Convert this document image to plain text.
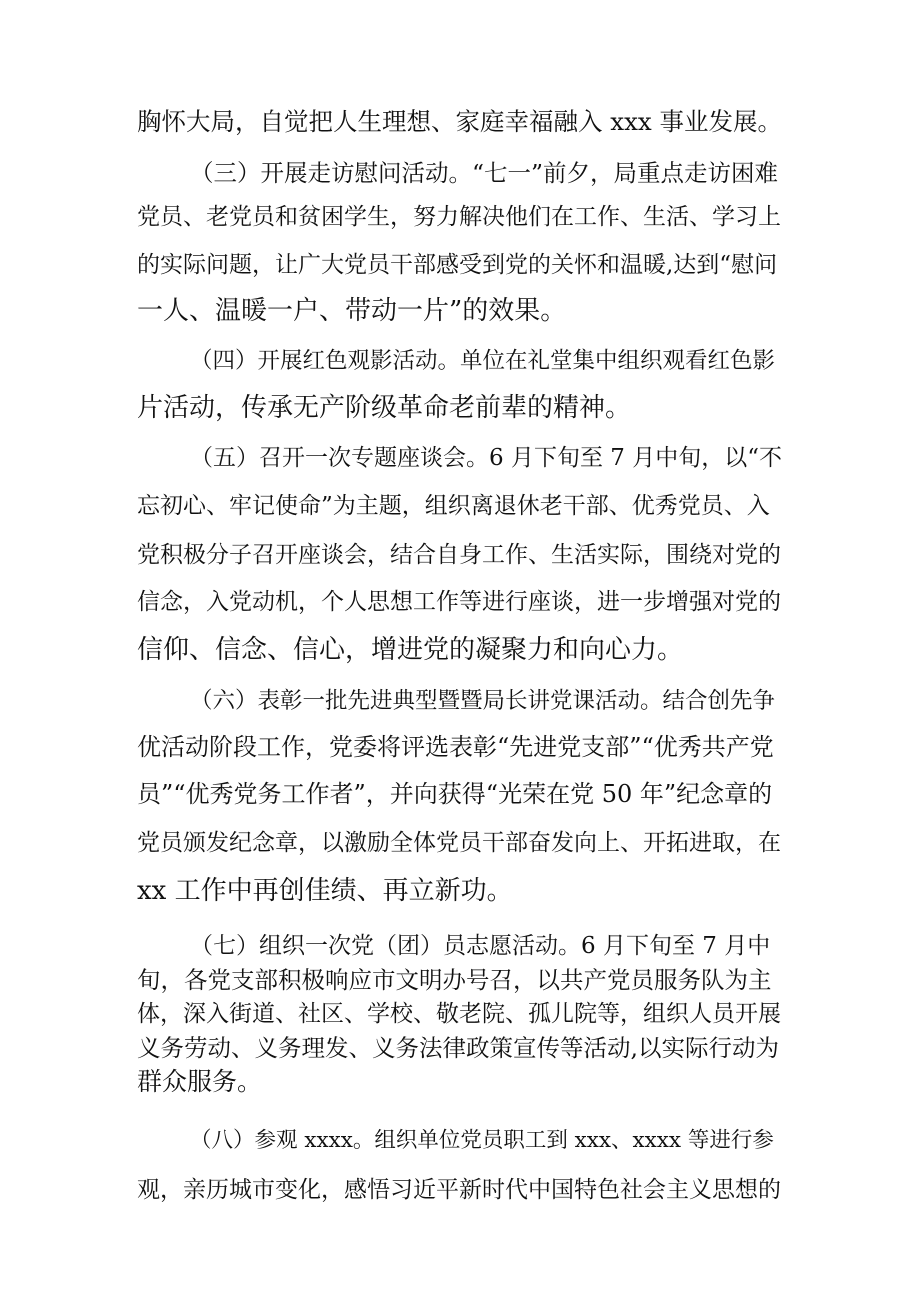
胸怀大局，自觉把人生理想、家庭幸福融入 xxx 事业发展。
（三）开展走访慰问活动。“七一”前夕，局重点走访困难
党员、老党员和贫困学生，努力解决他们在工作、生活、学习上
的实际问题，让广大党员干部感受到党的关怀和温暖,达到“慰问
一人、温暖一户、带动一片”的效果。
（四）开展红色观影活动。单位在礼堂集中组织观看红色影
片活动，传承无产阶级革命老前辈的精神。
（五）召开一次专题座谈会。6 月下旬至 7 月中旬，以“不
忘初心、牢记使命”为主题，组织离退休老干部、优秀党员、入
党积极分子召开座谈会，结合自身工作、生活实际，围绕对党的
信念，入党动机，个人思想工作等进行座谈，进一步增强对党的
信仰、信念、信心，增进党的凝聚力和向心力。
（六）表彰一批先进典型暨暨局长讲党课活动。结合创先争
优活动阶段工作，党委将评选表彰“先进党支部”“优秀共产党
员”“优秀党务工作者”，并向获得“光荣在党 50 年”纪念章的
党员颁发纪念章，以激励全体党员干部奋发向上、开拓进取，在
xx 工作中再创佳绩、再立新功。
（七）组织一次党（团）员志愿活动。6 月下旬至 7 月中
旬，各党支部积极响应市文明办号召，以共产党员服务队为主
体，深入街道、社区、学校、敬老院、孤儿院等，组织人员开展
义务劳动、义务理发、义务法律政策宣传等活动,以实际行动为
群众服务。
（八）参观 xxxx。组织单位党员职工到 xxx、xxxx 等进行参
观，亲历城市变化，感悟习近平新时代中国特色社会主义思想的
